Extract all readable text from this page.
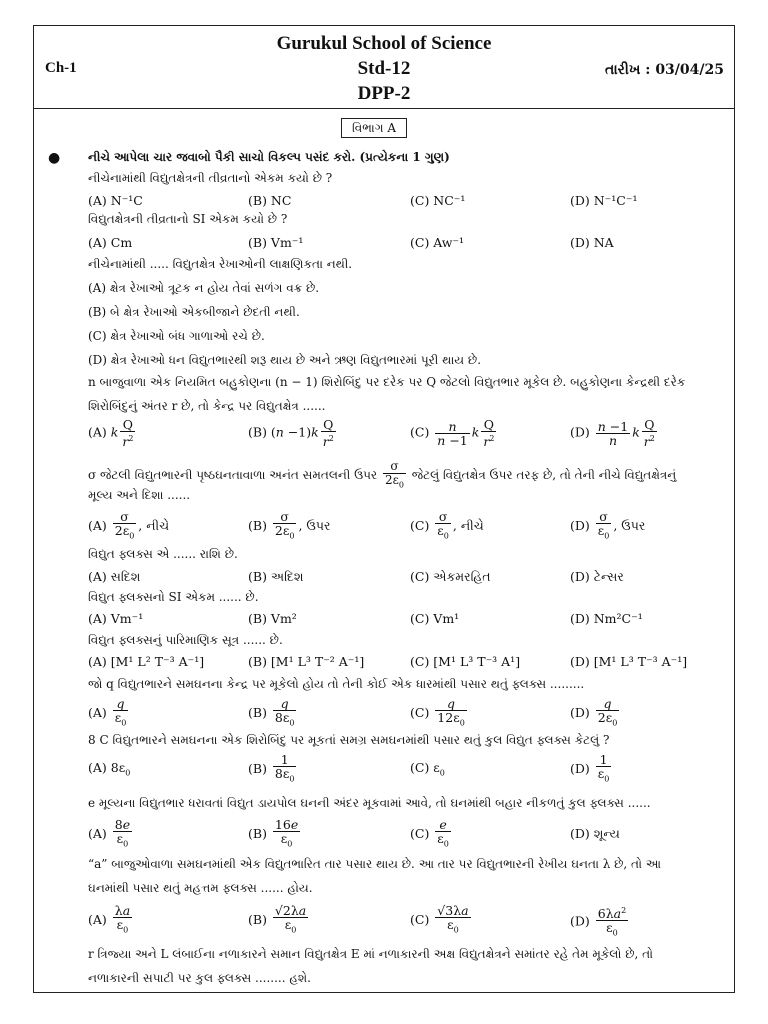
Gurukul School of Science
Std-12
DPP-2
Ch-1	તારીખ : 03/04/25
વિભાગ A
● નીચે આપેલા ચાર જવાબો પૈકી સાચો વિકલ્પ પસંદ કરો. (પ્રત્યેકના 1 ગુણ)
નીચેનામાંથી વિદ્યુતક્ષેત્રની તીવ્રતાનો એકમ કયો છે ?
(A) N⁻¹C	(B) NC	(C) NC⁻¹	(D) N⁻¹C⁻¹
વિદ્યુતક્ષેત્રની તીવ્રતાનો SI એકમ કયો છે ?
(A) Cm	(B) Vm⁻¹	(C) Aw⁻¹	(D) NA
નીચેનામાંથી ..... વિદ્યુતક્ષેત્ર રેખાઓની લાક્ષણિકતા નથી.
(A) ક્ષેત્ર રેખાઓ ત્રૂટક ન હોય તેવાં સળંગ વક્ર છે.
(B) બે ક્ષેત્ર રેખાઓ એકબીજાને છેદતી નથી.
(C) ક્ષેત્ર રેખાઓ બંધ ગાળાઓ રચે છે.
(D) ક્ષેત્ર રેખાઓ ધન વિદ્યુતભારથી શરૂ થાય છે અને ઋણ વિદ્યુતભારમાં પૂરી થાય છે.
n બાજુવાળા એક નિયમિત બહુકોણના (n − 1) શિરોબિંદુ પર દરેક પર Q જેટલો વિદ્યુતભાર મૂકેલ છે. બહુકોણના કેન્દ્રથી દરેક
શિરોબિંદુનું અંતર r છે, તો કેન્દ્ર પર વિદ્યુતક્ષેત્ર ......
(A) k $\frac{Q}{r^2}$	(B) $(n -1)k \frac{Q}{r^2}$	$(C) \frac{n}{n -1}$ k $\frac{Q}{r^2}$	$(D) \frac{n -1}{n}$ k $\frac{Q}{r^2}$
σ જેટલી વિદ્યુતભારની પૃષ્ઠઘનતાવાળા અનંત સમતલની ઉપર $\frac{\sigma}{2\varepsilon_0}$ જેટલું વિદ્યુતક્ષેત્ર ઉપર તરફ છે, તો તેની નીચે વિદ્યુતક્ષેત્રનું
મૂલ્ય અને દિશા ......
$(A) \frac{\sigma}{2\varepsilon_0}$ , નીચે	$(B) \frac{\sigma}{2\varepsilon_0}$ , ઉપર	$(C) \frac{\sigma}{\varepsilon_0}$ , નીચે	$(D) \frac{\sigma}{\varepsilon_0}$ , ઉપર
વિદ્યુત ફ્લક્સ એ ...... રાશિ છે.
(A) સદિશ	(B) અદિશ	(C) એકમરહિત	(D) ટેન્સર
વિદ્યુત ફ્લક્સનો SI એકમ ...... છે.
(A) Vm⁻¹	(B) Vm²	(C) Vm¹	(D) Nm²C⁻¹
વિદ્યુત ફ્લક્સનું પારિમાણિક સૂત્ર ...... છે.
(A) [M¹ L² T⁻³ A⁻¹]	(B) [M¹ L³ T⁻² A⁻¹]	(C) [M¹ L³ T⁻³ A¹]	(D) [M¹ L³ T⁻³ A⁻¹]
જો q વિદ્યુતભારને સમઘનના કેન્દ્ર પર મૂકેલો હોય તો તેની કોઈ એક ધારમાંથી પસાર થતું ફ્લક્સ .........
$(A) \frac{q}{\varepsilon_0}$	$(B) \frac{q}{8\varepsilon_0}$	$(C) \frac{q}{12\varepsilon_0}$	$(D) \frac{q}{2\varepsilon_0}$
8 C વિદ્યુતભારને સમઘનના એક શિરોબિંદુ પર મૂકતાં સમગ્ર સમઘનમાંથી પસાર થતું કુલ વિદ્યુત ફ્લક્સ કેટલું ?
(A) $8\varepsilon_0$	$(B) \frac{1}{8\varepsilon_0}$	(C) $\varepsilon_0$	$(D) \frac{1}{\varepsilon_0}$
e મૂલ્યના વિદ્યુતભાર ધરાવતાં વિદ્યુત ડાયપોલ ઘનની અંદર મૂકવામાં આવે, તો ઘનમાંથી બહાર નીકળતું કુલ ફ્લક્સ ......
$(A) \frac{8e}{\varepsilon_0}$	$(B) \frac{16e}{\varepsilon_0}$	$(C) \frac{e}{\varepsilon_0}$	(D) શૂન્ય
“a” બાજુઓવાળા સમઘનમાંથી એક વિદ્યુતભારિત તાર પસાર થાય છે. આ તાર પર વિદ્યુતભારની રેખીય ઘનતા λ છે, તો આ
ઘનમાંથી પસાર થતું મહત્તમ ફ્લક્સ ...... હોય.
$(A) \frac{\lambda a}{\varepsilon_0}$	$(B) \frac{√2\lambda a}{\varepsilon_0}$	$(C) \frac{√3\lambda a}{\varepsilon_0}$	$(D) \frac{6\lambda a^2}{\varepsilon_0}$
r ત્રિજ્યા અને L લંબાઈના નળાકારને સમાન વિદ્યુતક્ષેત્ર E માં નળાકારની અક્ષ વિદ્યુતક્ષેત્રને સમાંતર રહે તેમ મૂકેલો છે, તો
નળાકારની સપાટી પર કુલ ફ્લક્સ ........ હશે.
